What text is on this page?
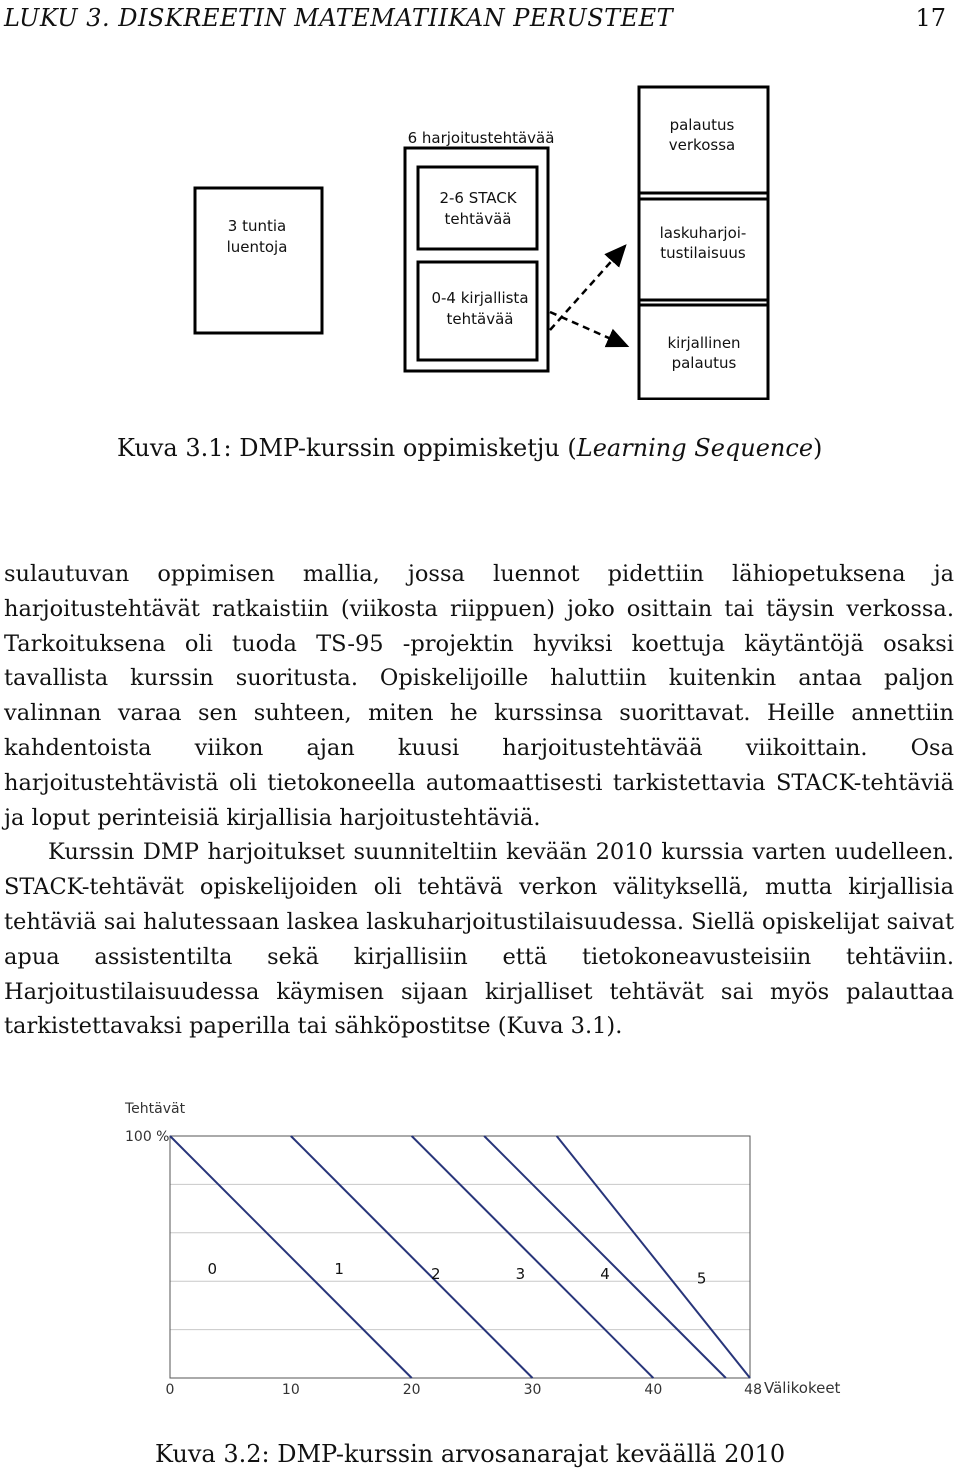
LUKU 3. DISKREETIN MATEMATIIKAN PERUSTEET	17
3 tuntia
luentoja
6 harjoitustehtävää
2-6 STACK
tehtävää
0-4 kirjallista
tehtävää
palautus
verkossa
laskuharjoi-
tustilaisuus
kirjallinen
palautus
Kuva 3.1: DMP-kurssin oppimisketju (Learning Sequence)

sulautuvan oppimisen mallia, jossa luennot pidettiin lähiopetuksena ja harjoitustehtävät ratkaistiin (viikosta riippuen) joko osittain tai täysin verkossa. Tarkoituksena oli tuoda TS-95 -projektin hyviksi koettuja käytäntöjä osaksi tavallista kurssin suoritusta. Opiskelijoille haluttiin kuitenkin antaa paljon valinnan varaa sen suhteen, miten he kurssinsa suorittavat. Heille annettiin kahdentoista viikon ajan kuusi harjoitustehtävää viikoittain. Osa harjoitustehtävistä oli tietokoneella automaattisesti tarkistettavia STACK-tehtäviä ja loput perinteisiä kirjallisia harjoitustehtäviä.

Kurssin DMP harjoitukset suunniteltiin kevään 2010 kurssia varten uudelleen. STACK-tehtävät opiskelijoiden oli tehtävä verkon välityksellä, mutta kirjallisia tehtäviä sai halutessaan laskea laskuharjoitustilaisuudessa. Siellä opiskelijat saivat apua assistentilta sekä kirjallisiin että tietokoneavusteisiin tehtäviin. Harjoitustilaisuudessa käymisen sijaan kirjalliset tehtävät sai myös palauttaa tarkistettavaksi paperilla tai sähköpostitse (Kuva 3.1).

0	1	2	3	4	5
0	10	20	30	40	48
Tehtävät
100 %
Välikokeet
Kuva 3.2: DMP-kurssin arvosanarajat keväällä 2010
